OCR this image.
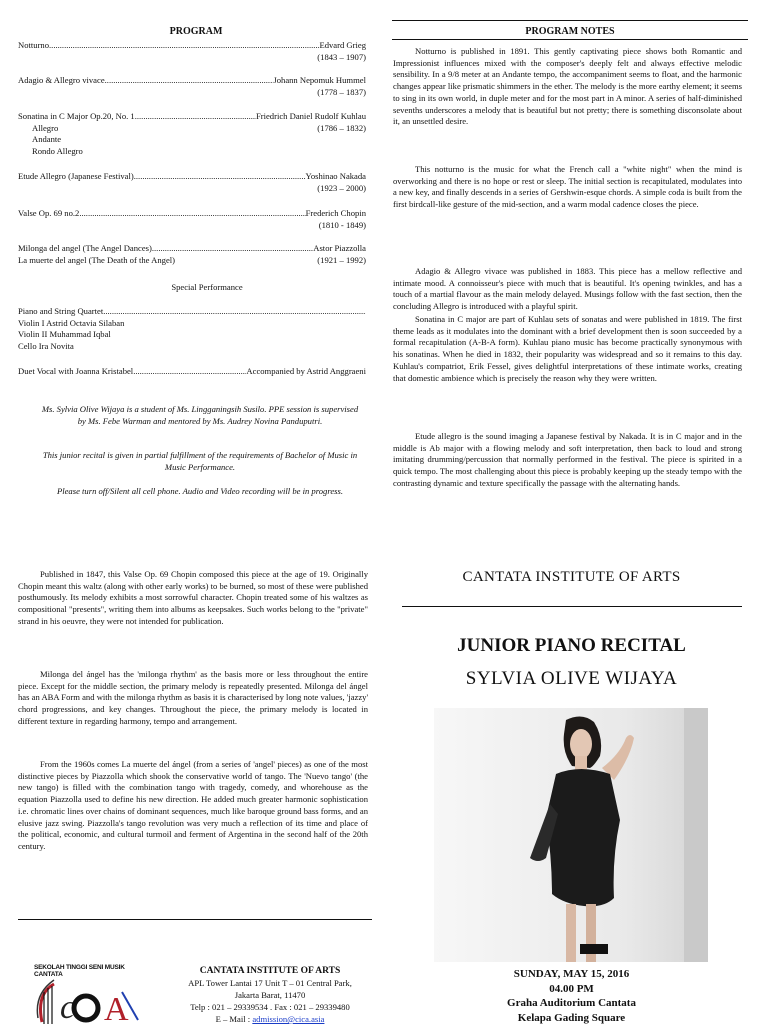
PROGRAM
Notturno .....	Edvard Grieg
(1843 – 1907)
Adagio & Allegro vivace .....	Johann Nepomuk Hummel
(1778 – 1837)
Sonatina in C Major Op.20, No. 1 .....	Friedrich Daniel Rudolf Kuhlau
Allegro	(1786 – 1832)
Andante
Rondo Allegro
Etude Allegro (Japanese Festival) .....	Yoshinao Nakada
(1923 – 2000)
Valse Op. 69 no.2 .....	Frederich Chopin
(1810 - 1849)
Milonga del angel (The Angel Dances) .....	Astor Piazzolla
La muerte del angel (The Death of the Angel)	(1921 – 1992)
Special Performance
Piano and String Quartet
.....
Violin I Astrid Octavia Silaban
Violin II Muhammad Iqbal
Cello Ira Novita
Duet Vocal with Joanna Kristabel .....	Accompanied by Astrid Anggraeni
Ms. Sylvia Olive Wijaya is a student of Ms. Lingganingsih Susilo. PPE session is supervised by Ms. Febe Warman and mentored by Ms. Audrey Novina Panduputri.
This junior recital is given in partial fulfillment of the requirements of Bachelor of Music in Music Performance.
Please turn off/Silent all cell phone. Audio and Video recording will be in progress.
PROGRAM NOTES
Notturno is published in 1891. This gently captivating piece shows both Romantic and Impressionist influences mixed with the composer's deeply felt and always effective melodic sensibility. In a 9/8 meter at an Andante tempo, the accompaniment seems to float, and the harmonic changes appear like prismatic shimmers in the ether. The melody is the more earthy element; it seems to sing in its own world, in duple meter and for the most part in A minor. A series of half-diminished sevenths underscores a melody that is beautiful but not pretty; there is something disconsolate about it, an unsettled desire.
This notturno is the music for what the French call a "white night" when the mind is overworking and there is no hope or rest or sleep. The initial section is recapitulated, modulates into a new key, and finally descends in a series of Gershwin-esque chords. A simple coda is built from the first birdcall-like gesture of the mid-section, and a warm modal cadence closes the piece.
Adagio & Allegro vivace was published in 1883. This piece has a mellow reflective and intimate mood. A connoisseur's piece with much that is beautiful. It's opening twinkles, and has a touch of a martial flavour as the main melody delayed. Musings follow with the fast section, then the concluding Allegro is introduced with a playful spirit.
Sonatina in C major are part of Kuhlau sets of sonatas and were published in 1819. The first theme leads as it modulates into the dominant with a brief development then is soon succeeded by a formal recapitulation (A-B-A form). Kuhlau piano music has become practically synonymous with his sonatinas. When he died in 1832, their popularity was widespread and so it remains to this day. Kuhlau's compatriot, Erik Fessel, gives delightful interpretations of these intimate works, creating that domestic ambience which is precisely the reason why they were written.
Etude allegro is the sound imaging a Japanese festival by Nakada. It is in C major and in the middle is Ab major with a flowing melody and soft interpretation, then back to loud and strong imitating drumming/percussion that normally performed in the festival. The piece is spirited in a quick tempo. The most challenging about this piece is probably keeping up the steady tempo with the contrasting dynamic and texture specifically the passage with the alternating hands.
Published in 1847, this Valse Op. 69 Chopin composed this piece at the age of 19. Originally Chopin meant this waltz (along with other early works) to be burned, so most of these were published posthumously. Its melody exhibits a most sorrowful character. Chopin treated some of his waltzes as compositional "presents", writing them into albums as keepsakes. Such works belong to the "private" strand in his oeuvre, they were not intended for publication.
Milonga del ángel has the 'milonga rhythm' as the basis more or less throughout the entire piece. Except for the middle section, the primary melody is repeatedly presented. Milonga del ángel has an ABA Form and with the milonga rhythm as basis it is characterised by long note values, 'jazzy' chord progressions, and key changes. Throughout the piece, the primary melody is located in different texture in regarding harmony, tempo and arrangement.
From the 1960s comes La muerte del ángel (from a series of 'angel' pieces) as one of the most distinctive pieces by Piazzolla which shook the conservative world of tango. The 'Nuevo tango' (the new tango) is filled with the combination tango with tragedy, comedy, and whorehouse as the equation Piazzolla used to define his new direction. He added much greater harmonic sophistication i.e. chromatic lines over chains of dominant sequences, much like baroque ground bass forms, and an elusive jazz swing. Piazzolla's tango revolution was very much a reflection of its time and place of the political, economic, and cultural turmoil and ferment of Argentina in the second half of the 20th century.
SEKOLAH TINGGI SENI MUSIK CANTATA
c A
CANTATA INSTITUTE OF ARTS
APL Tower Lantai 17 Unit T – 01 Central Park,
Jakarta Barat, 11470
Telp : 021 – 29339534 . Fax : 021 – 29339480
E – Mail : admission@cica.asia
CANTATA INSTITUTE OF ARTS
JUNIOR PIANO RECITAL
SYLVIA OLIVE WIJAYA
SUNDAY, MAY 15, 2016
04.00 PM
Graha Auditorium Cantata
Kelapa Gading Square
